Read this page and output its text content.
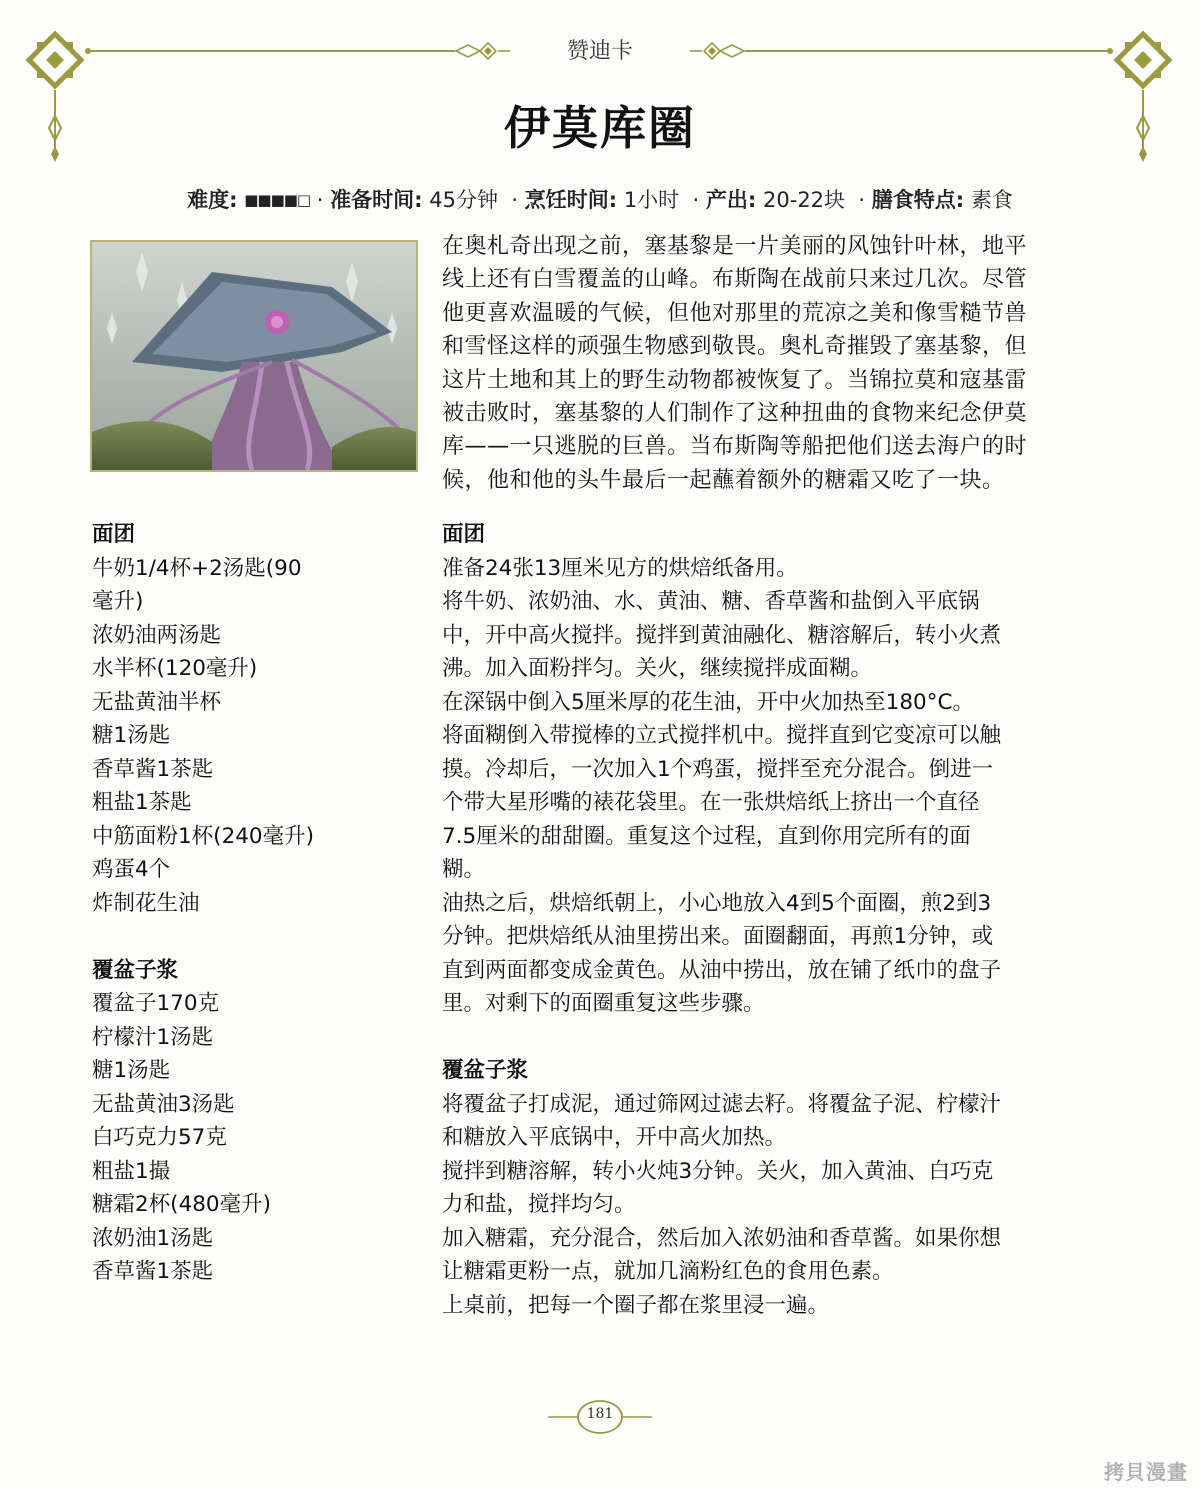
赞迪卡
伊莫库圈
难度: ■■■■□ · 准备时间: 45分钟 · 烹饪时间: 1小时 · 产出: 20-22块 · 膳食特点: 素食
在奥札奇出现之前，塞基黎是一片美丽的风蚀针叶林，地平
线上还有白雪覆盖的山峰。布斯陶在战前只来过几次。尽管
他更喜欢温暖的气候，但他对那里的荒凉之美和像雪糙节兽
和雪怪这样的顽强生物感到敬畏。奥札奇摧毁了塞基黎，但
这片土地和其上的野生动物都被恢复了。当锦拉莫和寇基雷
被击败时，塞基黎的人们制作了这种扭曲的食物来纪念伊莫
库——一只逃脱的巨兽。当布斯陶等船把他们送去海户的时
候，他和他的头牛最后一起蘸着额外的糖霜又吃了一块。
面团
牛奶1/4杯+2汤匙(90
毫升)
浓奶油两汤匙
水半杯(120毫升)
无盐黄油半杯
糖1汤匙
香草酱1茶匙
粗盐1茶匙
中筋面粉1杯(240毫升)
鸡蛋4个
炸制花生油
覆盆子浆
覆盆子170克
柠檬汁1汤匙
糖1汤匙
无盐黄油3汤匙
白巧克力57克
粗盐1撮
糖霜2杯(480毫升)
浓奶油1汤匙
香草酱1茶匙
面团
准备24张13厘米见方的烘焙纸备用。
将牛奶、浓奶油、水、黄油、糖、香草酱和盐倒入平底锅
中，开中高火搅拌。搅拌到黄油融化、糖溶解后，转小火煮
沸。加入面粉拌匀。关火，继续搅拌成面糊。
在深锅中倒入5厘米厚的花生油，开中火加热至180°C。
将面糊倒入带搅棒的立式搅拌机中。搅拌直到它变凉可以触
摸。冷却后，一次加入1个鸡蛋，搅拌至充分混合。倒进一
个带大星形嘴的裱花袋里。在一张烘焙纸上挤出一个直径
7.5厘米的甜甜圈。重复这个过程，直到你用完所有的面
糊。
油热之后，烘焙纸朝上，小心地放入4到5个面圈，煎2到3
分钟。把烘焙纸从油里捞出来。面圈翻面，再煎1分钟，或
直到两面都变成金黄色。从油中捞出，放在铺了纸巾的盘子
里。对剩下的面圈重复这些步骤。
覆盆子浆
将覆盆子打成泥，通过筛网过滤去籽。将覆盆子泥、柠檬汁
和糖放入平底锅中，开中高火加热。
搅拌到糖溶解，转小火炖3分钟。关火，加入黄油、白巧克
力和盐，搅拌均匀。
加入糖霜，充分混合，然后加入浓奶油和香草酱。如果你想
让糖霜更粉一点，就加几滴粉红色的食用色素。
上桌前，把每一个圈子都在浆里浸一遍。
181
拷貝漫畫
